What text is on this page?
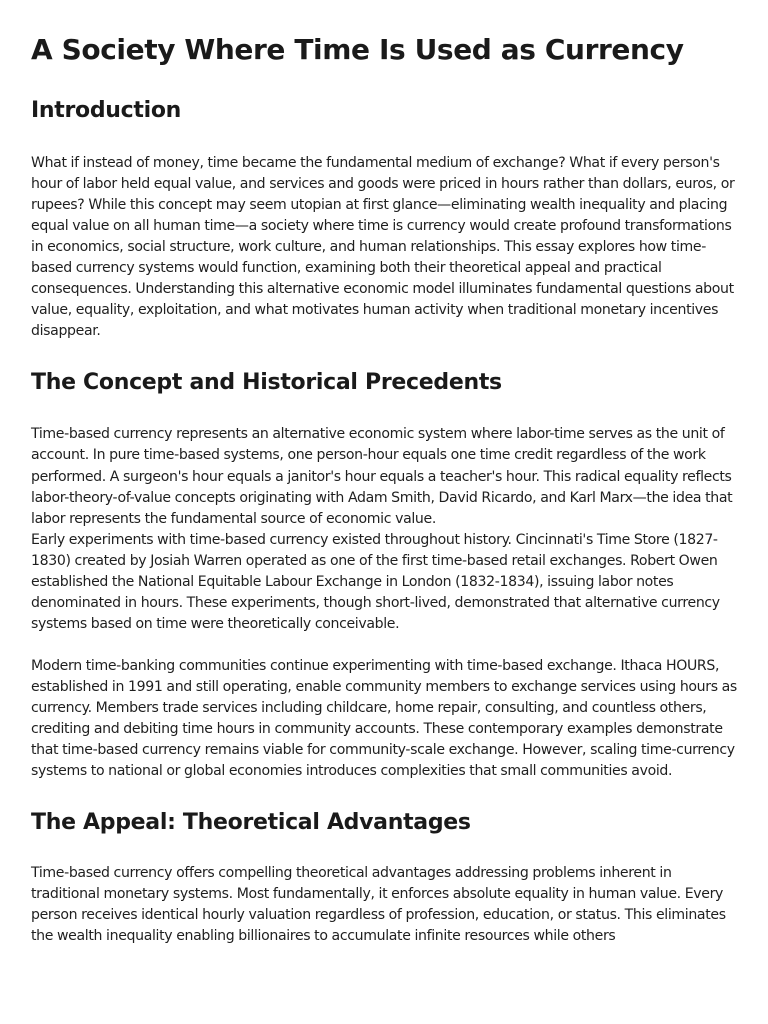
A Society Where Time Is Used as Currency
Introduction

What if instead of money, time became the fundamental medium of exchange? What if every person's hour of labor held equal value, and services and goods were priced in hours rather than dollars, euros, or rupees? While this concept may seem utopian at first glance—eliminating wealth inequality and placing equal value on all human time—a society where time is currency would create profound transformations in economics, social structure, work culture, and human relationships. This essay explores how time-based currency systems would function, examining both their theoretical appeal and practical consequences. Understanding this alternative economic model illuminates fundamental questions about value, equality, exploitation, and what motivates human activity when traditional monetary incentives disappear.

The Concept and Historical Precedents

Time-based currency represents an alternative economic system where labor-time serves as the unit of account. In pure time-based systems, one person-hour equals one time credit regardless of the work performed. A surgeon's hour equals a janitor's hour equals a teacher's hour. This radical equality reflects labor-theory-of-value concepts originating with Adam Smith, David Ricardo, and Karl Marx—the idea that labor represents the fundamental source of economic value.

Early experiments with time-based currency existed throughout history. Cincinnati's Time Store (1827-1830) created by Josiah Warren operated as one of the first time-based retail exchanges. Robert Owen established the National Equitable Labour Exchange in London (1832-1834), issuing labor notes denominated in hours. These experiments, though short-lived, demonstrated that alternative currency systems based on time were theoretically conceivable.

Modern time-banking communities continue experimenting with time-based exchange. Ithaca HOURS, established in 1991 and still operating, enable community members to exchange services using hours as currency. Members trade services including childcare, home repair, consulting, and countless others, crediting and debiting time hours in community accounts. These contemporary examples demonstrate that time-based currency remains viable for community-scale exchange. However, scaling time-currency systems to national or global economies introduces complexities that small communities avoid.

The Appeal: Theoretical Advantages

Time-based currency offers compelling theoretical advantages addressing problems inherent in traditional monetary systems. Most fundamentally, it enforces absolute equality in human value. Every person receives identical hourly valuation regardless of profession, education, or status. This eliminates the wealth inequality enabling billionaires to accumulate infinite resources while others
